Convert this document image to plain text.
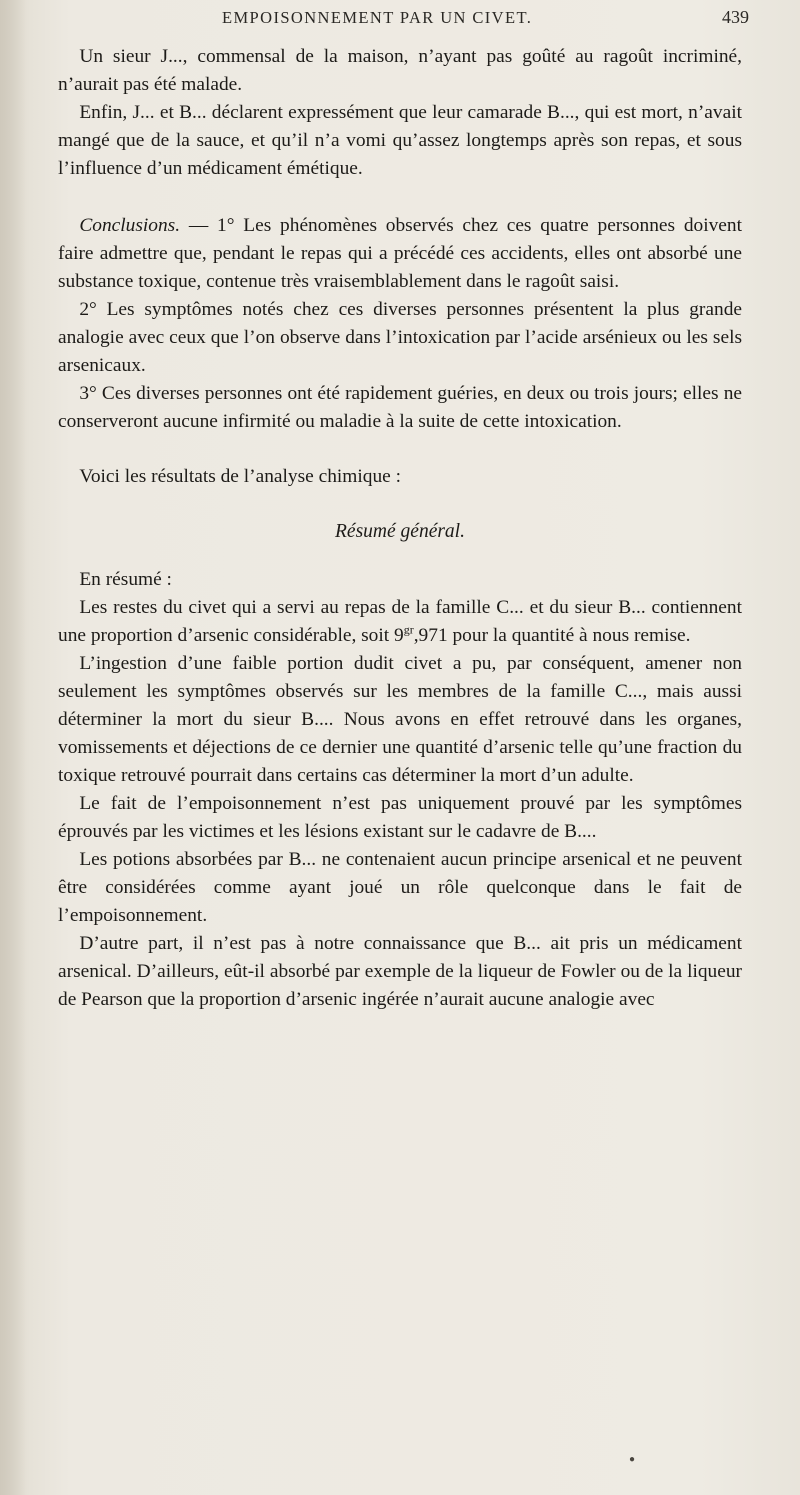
EMPOISONNEMENT PAR UN CIVET.	439

Un sieur J..., commensal de la maison, n’ayant pas goûté au ragoût incriminé, n’aurait pas été malade.

Enfin, J... et B... déclarent expressément que leur camarade B..., qui est mort, n’avait mangé que de la sauce, et qu’il n’a vomi qu’assez longtemps après son repas, et sous l’influence d’un médicament émétique.

Conclusions. — 1° Les phénomènes observés chez ces quatre personnes doivent faire admettre que, pendant le repas qui a précédé ces accidents, elles ont absorbé une substance toxique, contenue très vraisemblablement dans le ragoût saisi.

2° Les symptômes notés chez ces diverses personnes présentent la plus grande analogie avec ceux que l’on observe dans l’intoxication par l’acide arsénieux ou les sels arsenicaux.

3° Ces diverses personnes ont été rapidement guéries, en deux ou trois jours; elles ne conserveront aucune infirmité ou maladie à la suite de cette intoxication.

Voici les résultats de l’analyse chimique :

Résumé général.

En résumé :

Les restes du civet qui a servi au repas de la famille C... et du sieur B... contiennent une proportion d’arsenic considérable, soit $9^{gr},971$ pour la quantité à nous remise.

L’ingestion d’une faible portion dudit civet a pu, par conséquent, amener non seulement les symptômes observés sur les membres de la famille C..., mais aussi déterminer la mort du sieur B.... Nous avons en effet retrouvé dans les organes, vomissements et déjections de ce dernier une quantité d’arsenic telle qu’une fraction du toxique retrouvé pourrait dans certains cas déterminer la mort d’un adulte.

Le fait de l’empoisonnement n’est pas uniquement prouvé par les symptômes éprouvés par les victimes et les lésions existant sur le cadavre de B....

Les potions absorbées par B... ne contenaient aucun principe arsenical et ne peuvent être considérées comme ayant joué un rôle quelconque dans le fait de l’empoisonnement.

D’autre part, il n’est pas à notre connaissance que B... ait pris un médicament arsenical. D’ailleurs, eût-il absorbé par exemple de la liqueur de Fowler ou de la liqueur de Pearson que la proportion d’arsenic ingérée n’aurait aucune analogie avec

●
